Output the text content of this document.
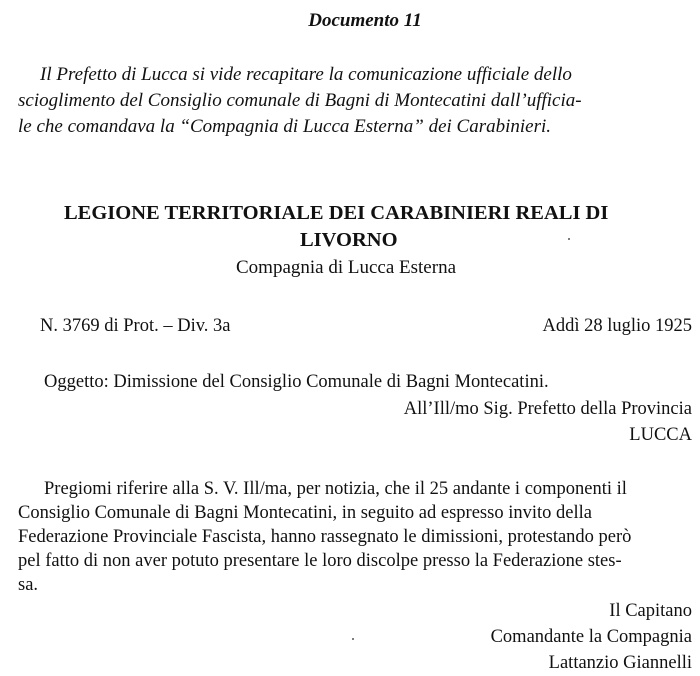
Documento 11
Il Prefetto di Lucca si vide recapitare la comunicazione ufficiale dello
scioglimento del Consiglio comunale di Bagni di Montecatini dall’ufficia-
le che comandava la “Compagnia di Lucca Esterna” dei Carabinieri.
LEGIONE TERRITORIALE DEI CARABINIERI REALI DI
LIVORNO
Compagnia di Lucca Esterna
N. 3769 di Prot. – Div. 3a	Addì 28 luglio 1925
Oggetto: Dimissione del Consiglio Comunale di Bagni Montecatini.
All’Ill/mo Sig. Prefetto della Provincia
LUCCA
Pregiomi riferire alla S. V. Ill/ma, per notizia, che il 25 andante i componenti il
Consiglio Comunale di Bagni Montecatini, in seguito ad espresso invito della
Federazione Provinciale Fascista, hanno rassegnato le dimissioni, protestando però
pel fatto di non aver potuto presentare le loro discolpe presso la Federazione stes-
sa.
Il Capitano
Comandante la Compagnia
Lattanzio Giannelli
